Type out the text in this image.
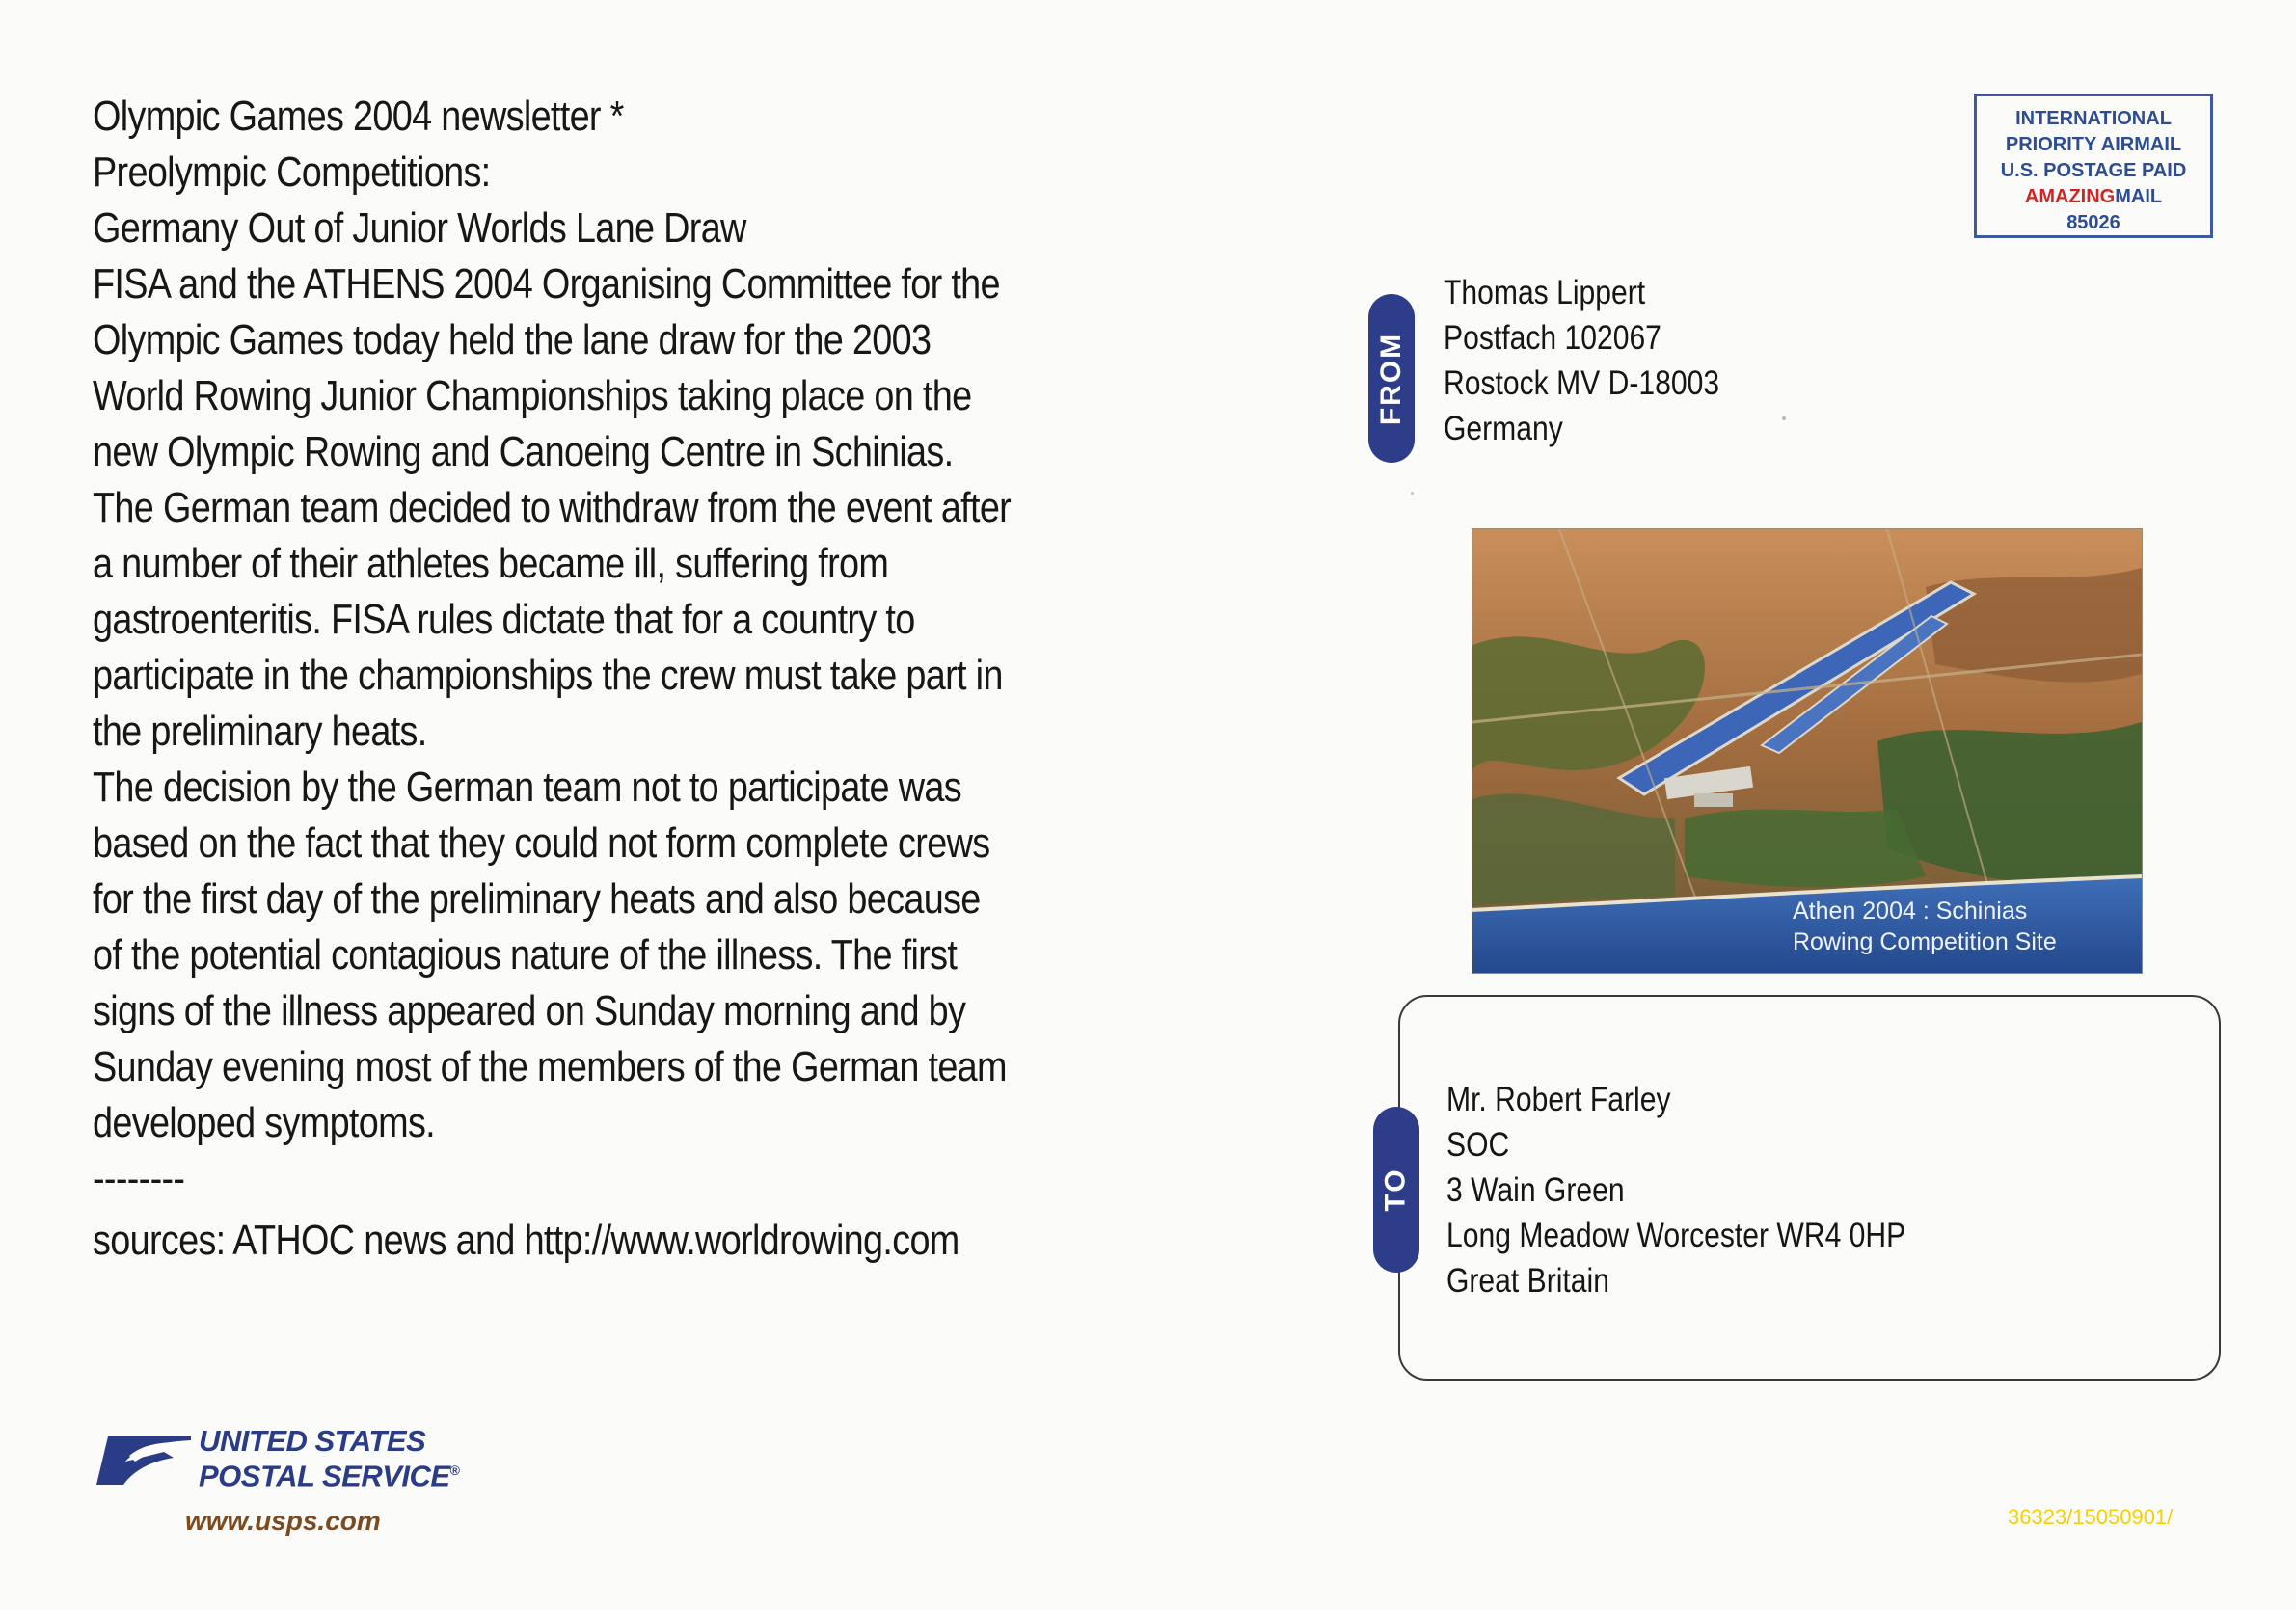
Olympic Games 2004 newsletter *
Preolympic Competitions:
Germany Out of Junior Worlds Lane Draw
FISA and the ATHENS 2004 Organising Committee for the
Olympic Games today held the lane draw for the 2003
World Rowing Junior Championships taking place on the
new Olympic Rowing and Canoeing Centre in Schinias.
The German team decided to withdraw from the event after
a number of their athletes became ill, suffering from
gastroenteritis. FISA rules dictate that for a country to
participate in the championships the crew must take part in
the preliminary heats.
The decision by the German team not to participate was
based on the fact that they could not form complete crews
for the first day of the preliminary heats and also because
of the potential contagious nature of the illness. The first
signs of the illness appeared on Sunday morning and by
Sunday evening most of the members of the German team
developed symptoms.
--------
sources: ATHOC news and http://www.worldrowing.com
INTERNATIONAL
PRIORITY AIRMAIL
U.S. POSTAGE PAID
AMAZINGMAIL
85026
FROM
Thomas Lippert
Postfach 102067
Rostock MV D-18003
Germany
Athen 2004 : Schinias
Rowing Competition Site
TO
Mr. Robert Farley
SOC
3 Wain Green
Long Meadow Worcester WR4 0HP
Great Britain
UNITED STATES
POSTAL SERVICE®
www.usps.com	36323/15050901/
